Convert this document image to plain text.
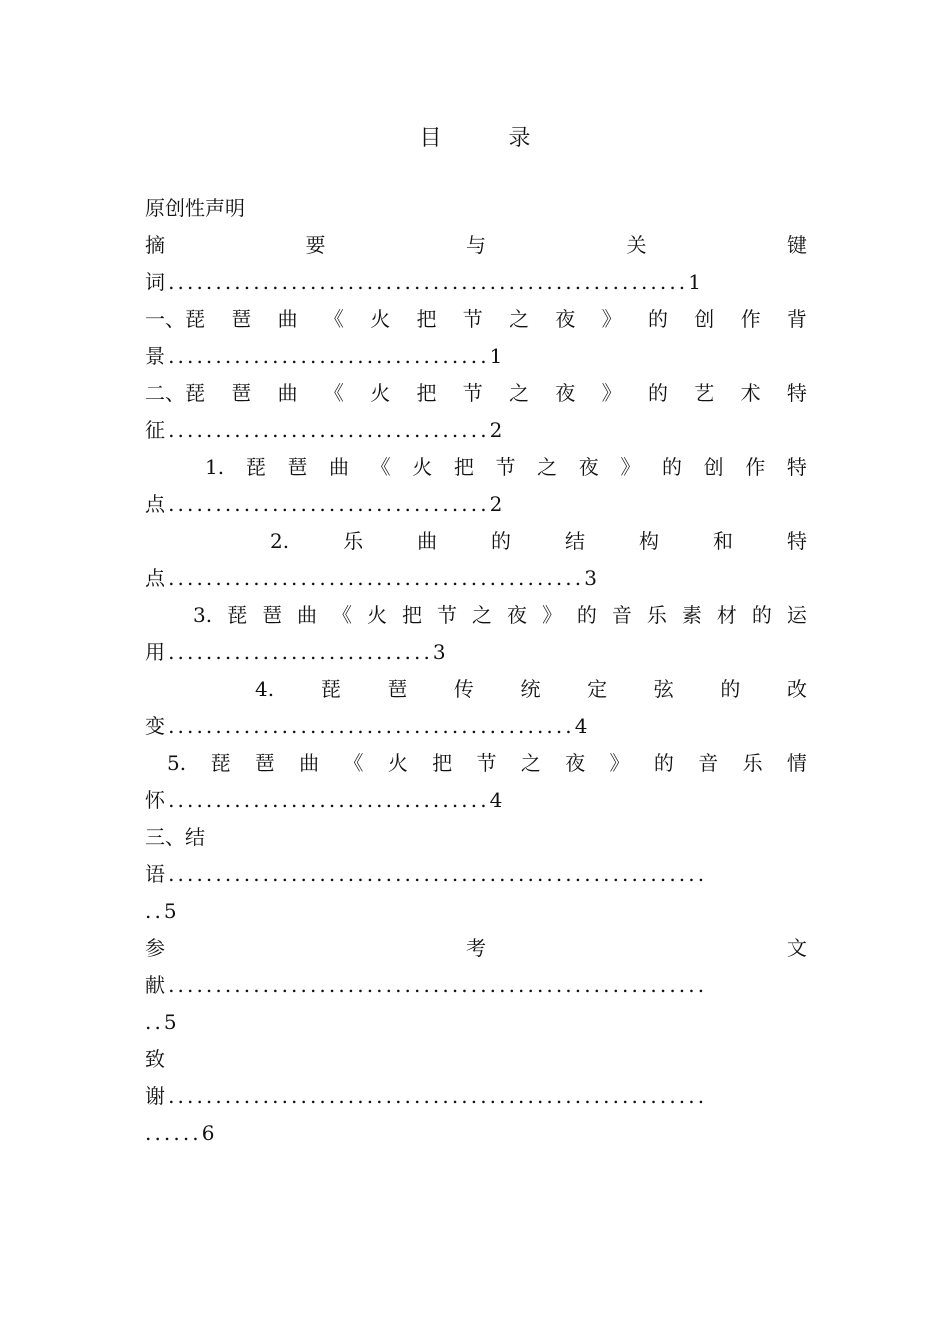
目 录
原创性声明
摘	要	与	关	键
词.......................................................1
一、琵 琶 曲 《 火 把 节 之 夜 》 的 创 作 背
景..................................1
二、琵 琶 曲 《 火 把 节 之 夜 》 的 艺 术 特
征..................................2
1. 琵 琶 曲 《 火 把 节 之 夜 》 的 创 作 特
点..................................2
2.	乐	曲	的	结	构	和	特
点............................................3
3. 琵 琶 曲 《 火 把 节 之 夜 》 的 音 乐 素 材 的 运
用............................3
4. 琵 琶 传 统 定 弦 的 改
变...........................................4
5. 琵 琶 曲 《 火 把 节 之 夜 》 的 音 乐 情
怀..................................4
三、结
语.........................................................
..5
参	考	文
献.........................................................
..5
致
谢.........................................................
......6
